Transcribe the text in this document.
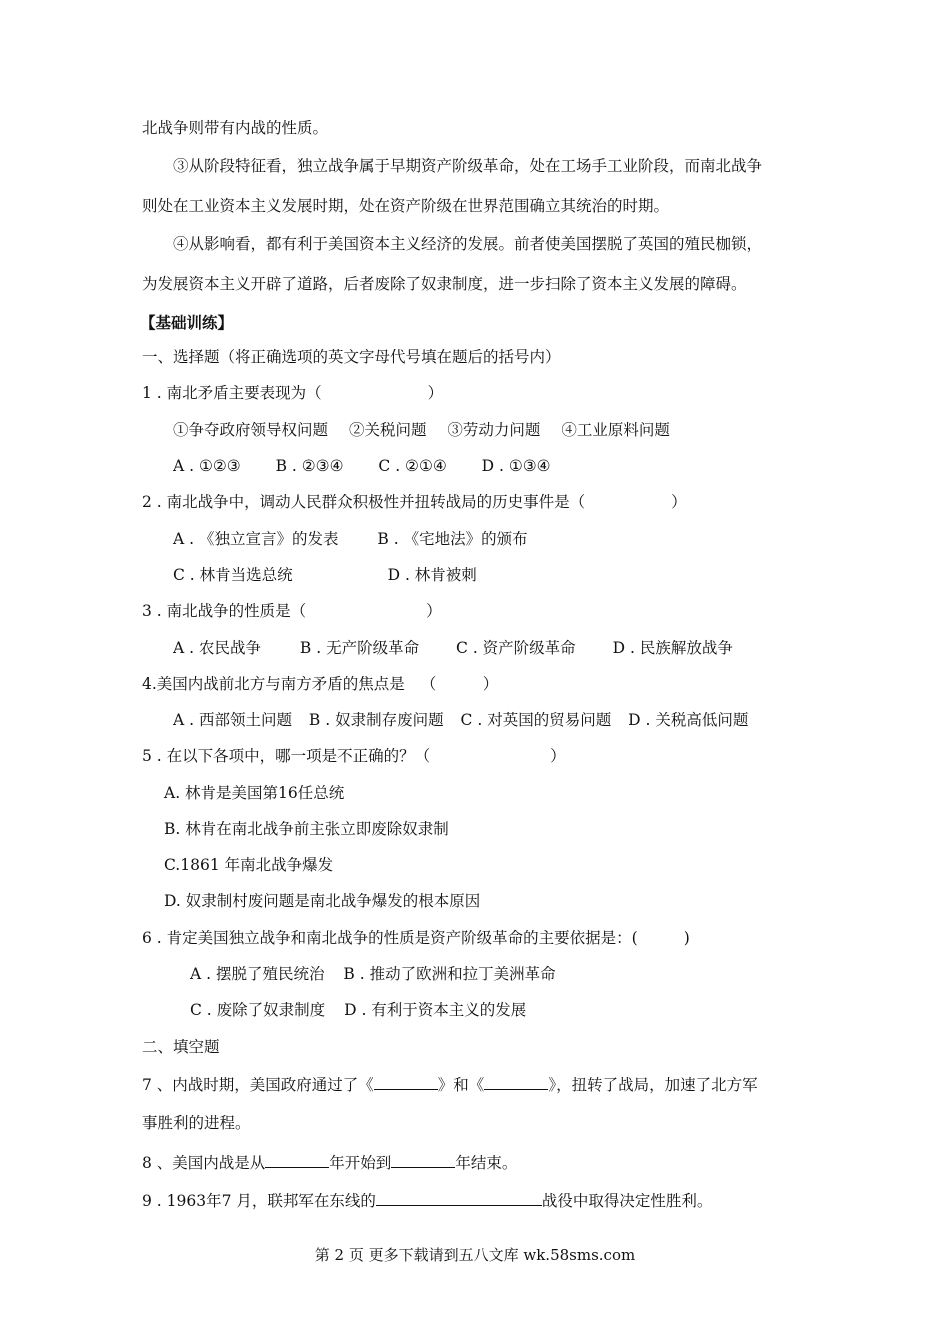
北战争则带有内战的性质。
③从阶段特征看，独立战争属于早期资产阶级革命，处在工场手工业阶段，而南北战争
则处在工业资本主义发展时期，处在资产阶级在世界范围确立其统治的时期。
④从影响看，都有利于美国资本主义经济的发展。前者使美国摆脱了英国的殖民枷锁，
为发展资本主义开辟了道路，后者废除了奴隶制度，进一步扫除了资本主义发展的障碍。
【基础训练】
一、选择题（将正确选项的英文字母代号填在题后的括号内）
1 . 南北矛盾主要表现为（	）
①争夺政府领导权问题 ②关税问题 ③劳动力问题 ④工业原料问题
A . ①②③ B . ②③④ C . ②①④ D . ①③④
2 . 南北战争中，调动人民群众积极性并扭转战局的历史事件是（	）
A . 《独立宣言》的发表	B . 《宅地法》的颁布
C . 林肯当选总统	D . 林肯被刺
3 . 南北战争的性质是（	）
A . 农民战争	B . 无产阶级革命 C . 资产阶级革命 D . 民族解放战争
4.美国内战前北方与南方矛盾的焦点是 （　　　）
A . 西部领土问题 B . 奴隶制存废问题 C . 对英国的贸易问题 D . 关税高低问题
5 . 在以下各项中，哪一项是不正确的？（	）
A. 林肯是美国第16任总统
B. 林肯在南北战争前主张立即废除奴隶制
C.1861 年南北战争爆发
D. 奴隶制村废问题是南北战争爆发的根本原因
6 . 肯定美国独立战争和南北战争的性质是资产阶级革命的主要依据是：(	)
A . 摆脱了殖民统治 B . 推动了欧洲和拉丁美洲革命
C . 废除了奴隶制度 D . 有利于资本主义的发展
二、填空题
7 、内战时期，美国政府通过了《	》和《	》，扭转了战局，加速了北方军
事胜利的进程。
8 、美国内战是从	年开始到	年结束。
9 . 1963年7 月，联邦军在东线的	战役中取得决定性胜利。
第 2 页 更多下载请到五八文库 wk.58sms.com
